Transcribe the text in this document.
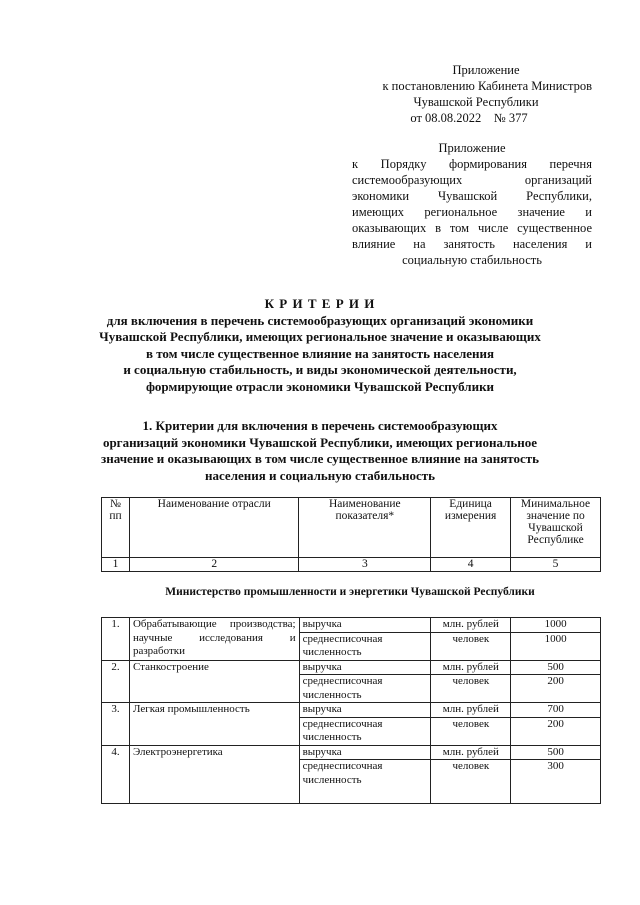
Приложение
к постановлению Кабинета Министров
Чувашской Республики
от 08.08.2022    № 377
Приложение
к Порядку формирования перечня системообразующих организаций экономики Чувашской Республики, имеющих региональное значение и оказывающих в том числе существенное влияние на занятость населения и социальную стабильность
К Р И Т Е Р И И
для включения в перечень системообразующих организаций экономики
Чувашской Республики, имеющих региональное значение и оказывающих
в том числе существенное влияние на занятость населения
и социальную стабильность, и виды экономической деятельности,
формирующие отрасли экономики Чувашской Республики
1. Критерии для включения в перечень системообразующих
организаций экономики Чувашской Республики, имеющих региональное
значение и оказывающих в том числе существенное влияние на занятость
населения и социальную стабильность
№ пп	Наименование отрасли	Наименование показателя*	Единица измерения	Минимальное значение по Чувашской Республике
1	2	3	4	5
Министерство промышленности и энергетики Чувашской Республики
1.	Обрабатывающие производства; научные исследования и разработки	выручка	млн. рублей	1000
		среднесписочная численность	человек	1000
2.	Станкостроение	выручка	млн. рублей	500
		среднесписочная численность	человек	200
3.	Легкая промышленность	выручка	млн. рублей	700
		среднесписочная численность	человек	200
4.	Электроэнергетика	выручка	млн. рублей	500
		среднесписочная численность	человек	300
